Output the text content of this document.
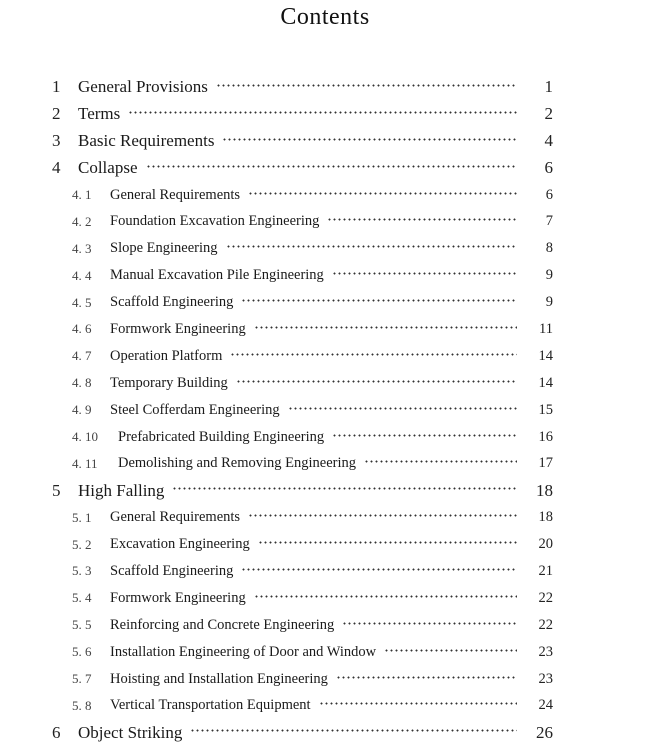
Contents
1	General Provisions	1
2	Terms	2
3	Basic Requirements	4
4	Collapse	6
4. 1	General Requirements	6
4. 2	Foundation Excavation Engineering	7
4. 3	Slope Engineering	8
4. 4	Manual Excavation Pile Engineering	9
4. 5	Scaffold Engineering	9
4. 6	Formwork Engineering	11
4. 7	Operation Platform	14
4. 8	Temporary Building	14
4. 9	Steel Cofferdam Engineering	15
4. 10	Prefabricated Building Engineering	16
4. 11	Demolishing and Removing Engineering	17
5	High Falling	18
5. 1	General Requirements	18
5. 2	Excavation Engineering	20
5. 3	Scaffold Engineering	21
5. 4	Formwork Engineering	22
5. 5	Reinforcing and Concrete Engineering	22
5. 6	Installation Engineering of Door and Window	23
5. 7	Hoisting and Installation Engineering	23
5. 8	Vertical Transportation Equipment	24
6	Object Striking	26
